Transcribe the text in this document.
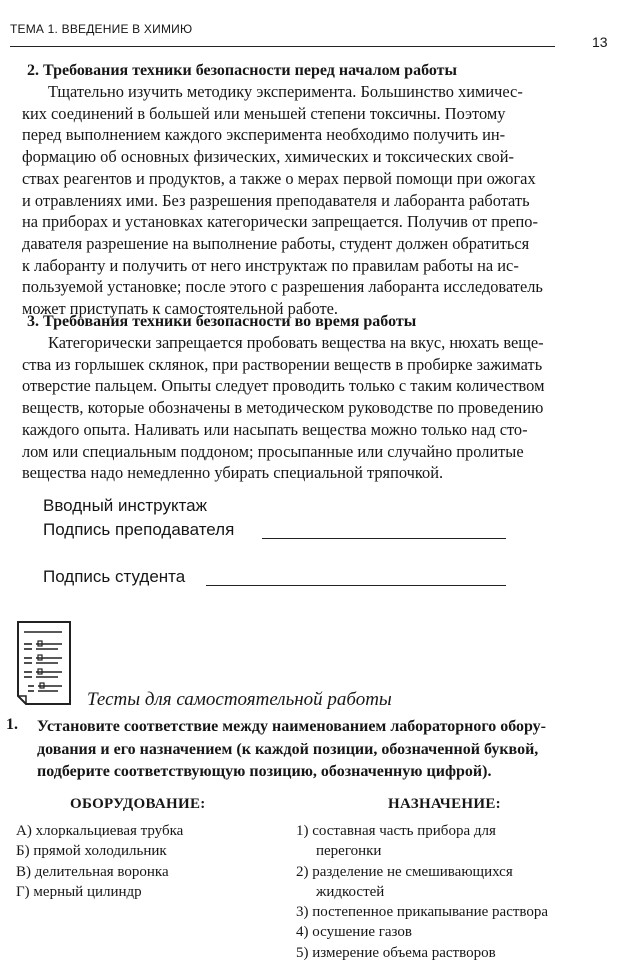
ТЕМА 1. ВВЕДЕНИЕ В ХИМИЮ
13
2. Требования техники безопасности перед началом работы
Тщательно изучить методику эксперимента. Большинство химичес-
ких соединений в большей или меньшей степени токсичны. Поэтому
перед выполнением каждого эксперимента необходимо получить ин-
формацию об основных физических, химических и токсических свой-
ствах реагентов и продуктов, а также о мерах первой помощи при ожогах
и отравлениях ими. Без разрешения преподавателя и лаборанта работать
на приборах и установках категорически запрещается. Получив от препо-
давателя разрешение на выполнение работы, студент должен обратиться
к лаборанту и получить от него инструктаж по правилам работы на ис-
пользуемой установке; после этого с разрешения лаборанта исследователь
может приступать к самостоятельной работе.
3. Требования техники безопасности во время работы
Категорически запрещается пробовать вещества на вкус, нюхать веще-
ства из горлышек склянок, при растворении веществ в пробирке зажимать
отверстие пальцем. Опыты следует проводить только с таким количеством
веществ, которые обозначены в методическом руководстве по проведению
каждого опыта. Наливать или насыпать вещества можно только над сто-
лом или специальным поддоном; просыпанные или случайно пролитые
вещества надо немедленно убирать специальной тряпочкой.
Вводный инструктаж
Подпись преподавателя
Подпись студента
Тесты для самостоятельной работы
1. Установите соответствие между наименованием лабораторного обору-
дования и его назначением (к каждой позиции, обозначенной буквой,
подберите соответствующую позицию, обозначенную цифрой).
ОБОРУДОВАНИЕ:	НАЗНАЧЕНИЕ:
А) хлоркальциевая трубка
Б) прямой холодильник
В) делительная воронка
Г) мерный цилиндр
1) составная часть прибора для
перегонки
2) разделение не смешивающихся
жидкостей
3) постепенное прикапывание раствора
4) осушение газов
5) измерение объема растворов
